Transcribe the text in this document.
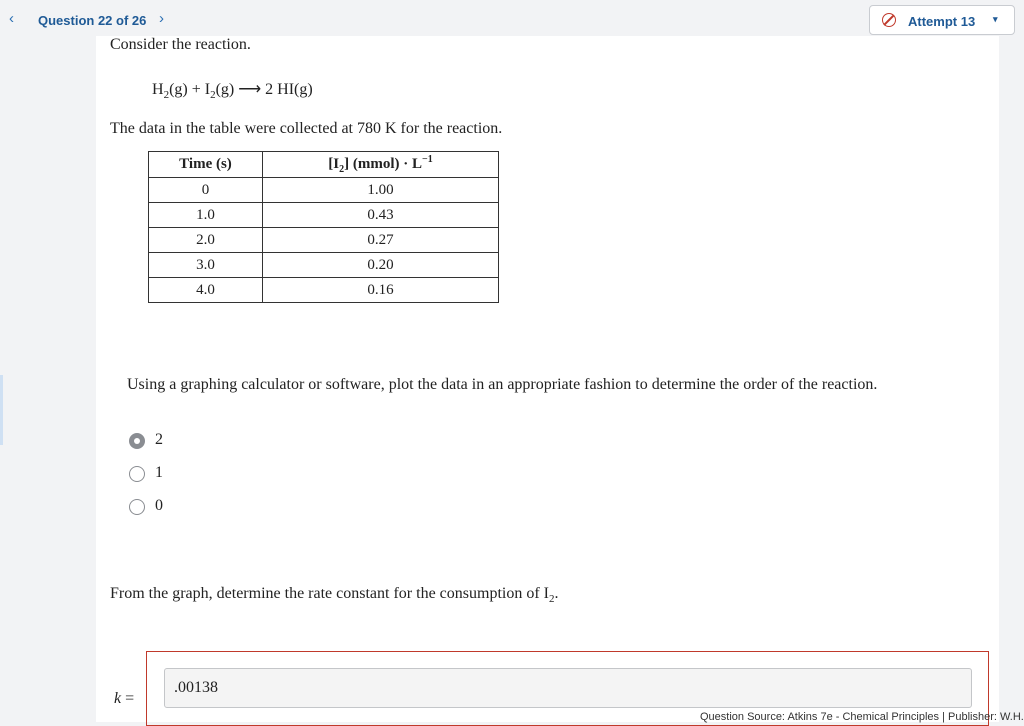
‹ Question 22 of 26 ›	Attempt 13 ▾
Consider the reaction.
$H_2(g) + I_2(g)$ ⟶ 2 HI(g)
The data in the table were collected at 780 K for the reaction.
Time (s)	$[I_2]$ (mmol) · $L^{-1}$
0	1.00
1.0	0.43
2.0	0.27
3.0	0.20
4.0	0.16
Using a graphing calculator or software, plot the data in an appropriate fashion to determine the order of the reaction.
2
1
0
From the graph, determine the rate constant for the consumption of $I_2$.
.00138
k =
Question Source: Atkins 7e - Chemical Principles | Publisher: W.H.
